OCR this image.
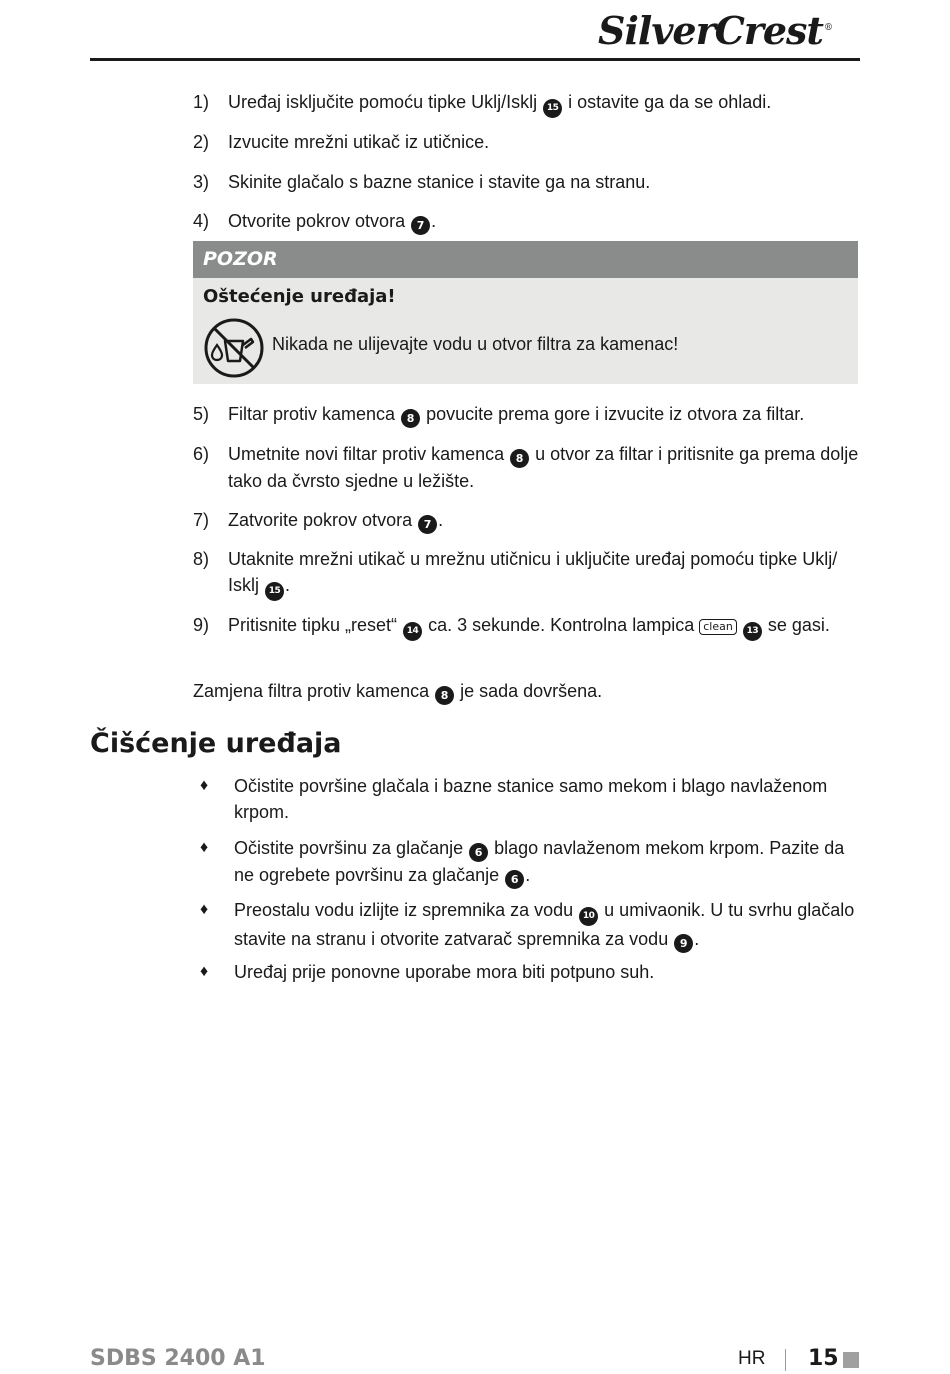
SilverCrest®
1) Uređaj isključite pomoću tipke Uklj/Isklj 15 i ostavite ga da se ohladi.
2) Izvucite mrežni utikač iz utičnice.
3) Skinite glačalo s bazne stanice i stavite ga na stranu.
4) Otvorite pokrov otvora 7 .
POZOR
Oštećenje uređaja!
Nikada ne ulijevajte vodu u otvor filtra za kamenac!
5) Filtar protiv kamenca 8 povucite prema gore i izvucite iz otvora za filtar.
6) Umetnite novi filtar protiv kamenca 8 u otvor za filtar i pritisnite ga prema dolje tako da čvrsto sjedne u ležište.
7) Zatvorite pokrov otvora 7 .
8) Utaknite mrežni utikač u mrežnu utičnicu i uključite uređaj pomoću tipke Uklj/ Isklj 15 .
9) Pritisnite tipku „reset“ 14 ca. 3 sekunde. Kontrolna lampica clean 13 se gasi.
Zamjena filtra protiv kamenca 8 je sada dovršena.
Čišćenje uređaja
♦ Očistite površine glačala i bazne stanice samo mekom i blago navlaženom krpom.
♦ Očistite površinu za glačanje 6 blago navlaženom mekom krpom. Pazite da ne ogrebete površinu za glačanje 6 .
♦ Preostalu vodu izlijte iz spremnika za vodu 10 u umivaonik. U tu svrhu glačalo stavite na stranu i otvorite zatvarač spremnika za vodu 9 .
♦ Uređaj prije ponovne uporabe mora biti potpuno suh.
SDBS 2400 A1	HR 15
